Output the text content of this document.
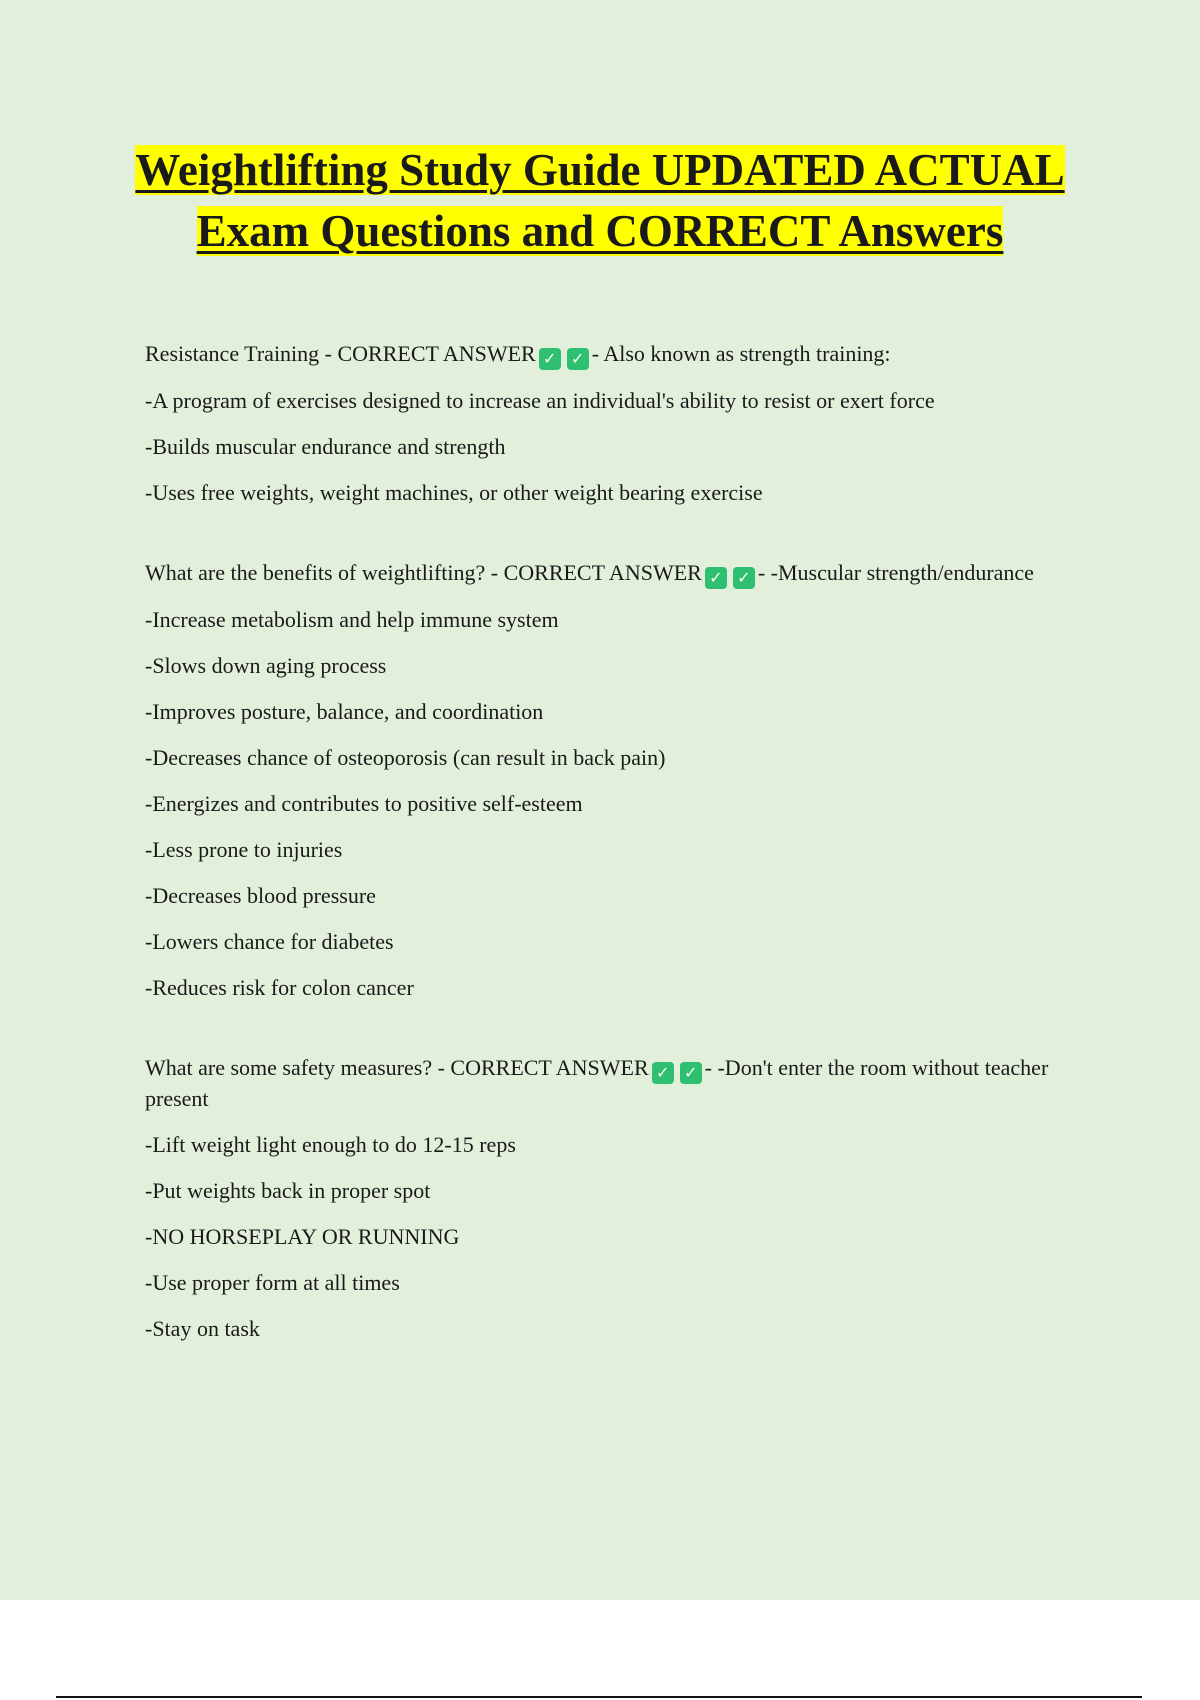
Weightlifting Study Guide UPDATED ACTUAL Exam Questions and CORRECT Answers

Resistance Training - CORRECT ANSWER ✓ ✓ - Also known as strength training:

-A program of exercises designed to increase an individual's ability to resist or exert force

-Builds muscular endurance and strength

-Uses free weights, weight machines, or other weight bearing exercise

What are the benefits of weightlifting? - CORRECT ANSWER ✓ ✓ - -Muscular strength/endurance

-Increase metabolism and help immune system

-Slows down aging process

-Improves posture, balance, and coordination

-Decreases chance of osteoporosis (can result in back pain)

-Energizes and contributes to positive self-esteem

-Less prone to injuries

-Decreases blood pressure

-Lowers chance for diabetes

-Reduces risk for colon cancer

What are some safety measures? - CORRECT ANSWER ✓ ✓ - -Don't enter the room without teacher present

-Lift weight light enough to do 12-15 reps

-Put weights back in proper spot

-NO HORSEPLAY OR RUNNING

-Use proper form at all times

-Stay on task
